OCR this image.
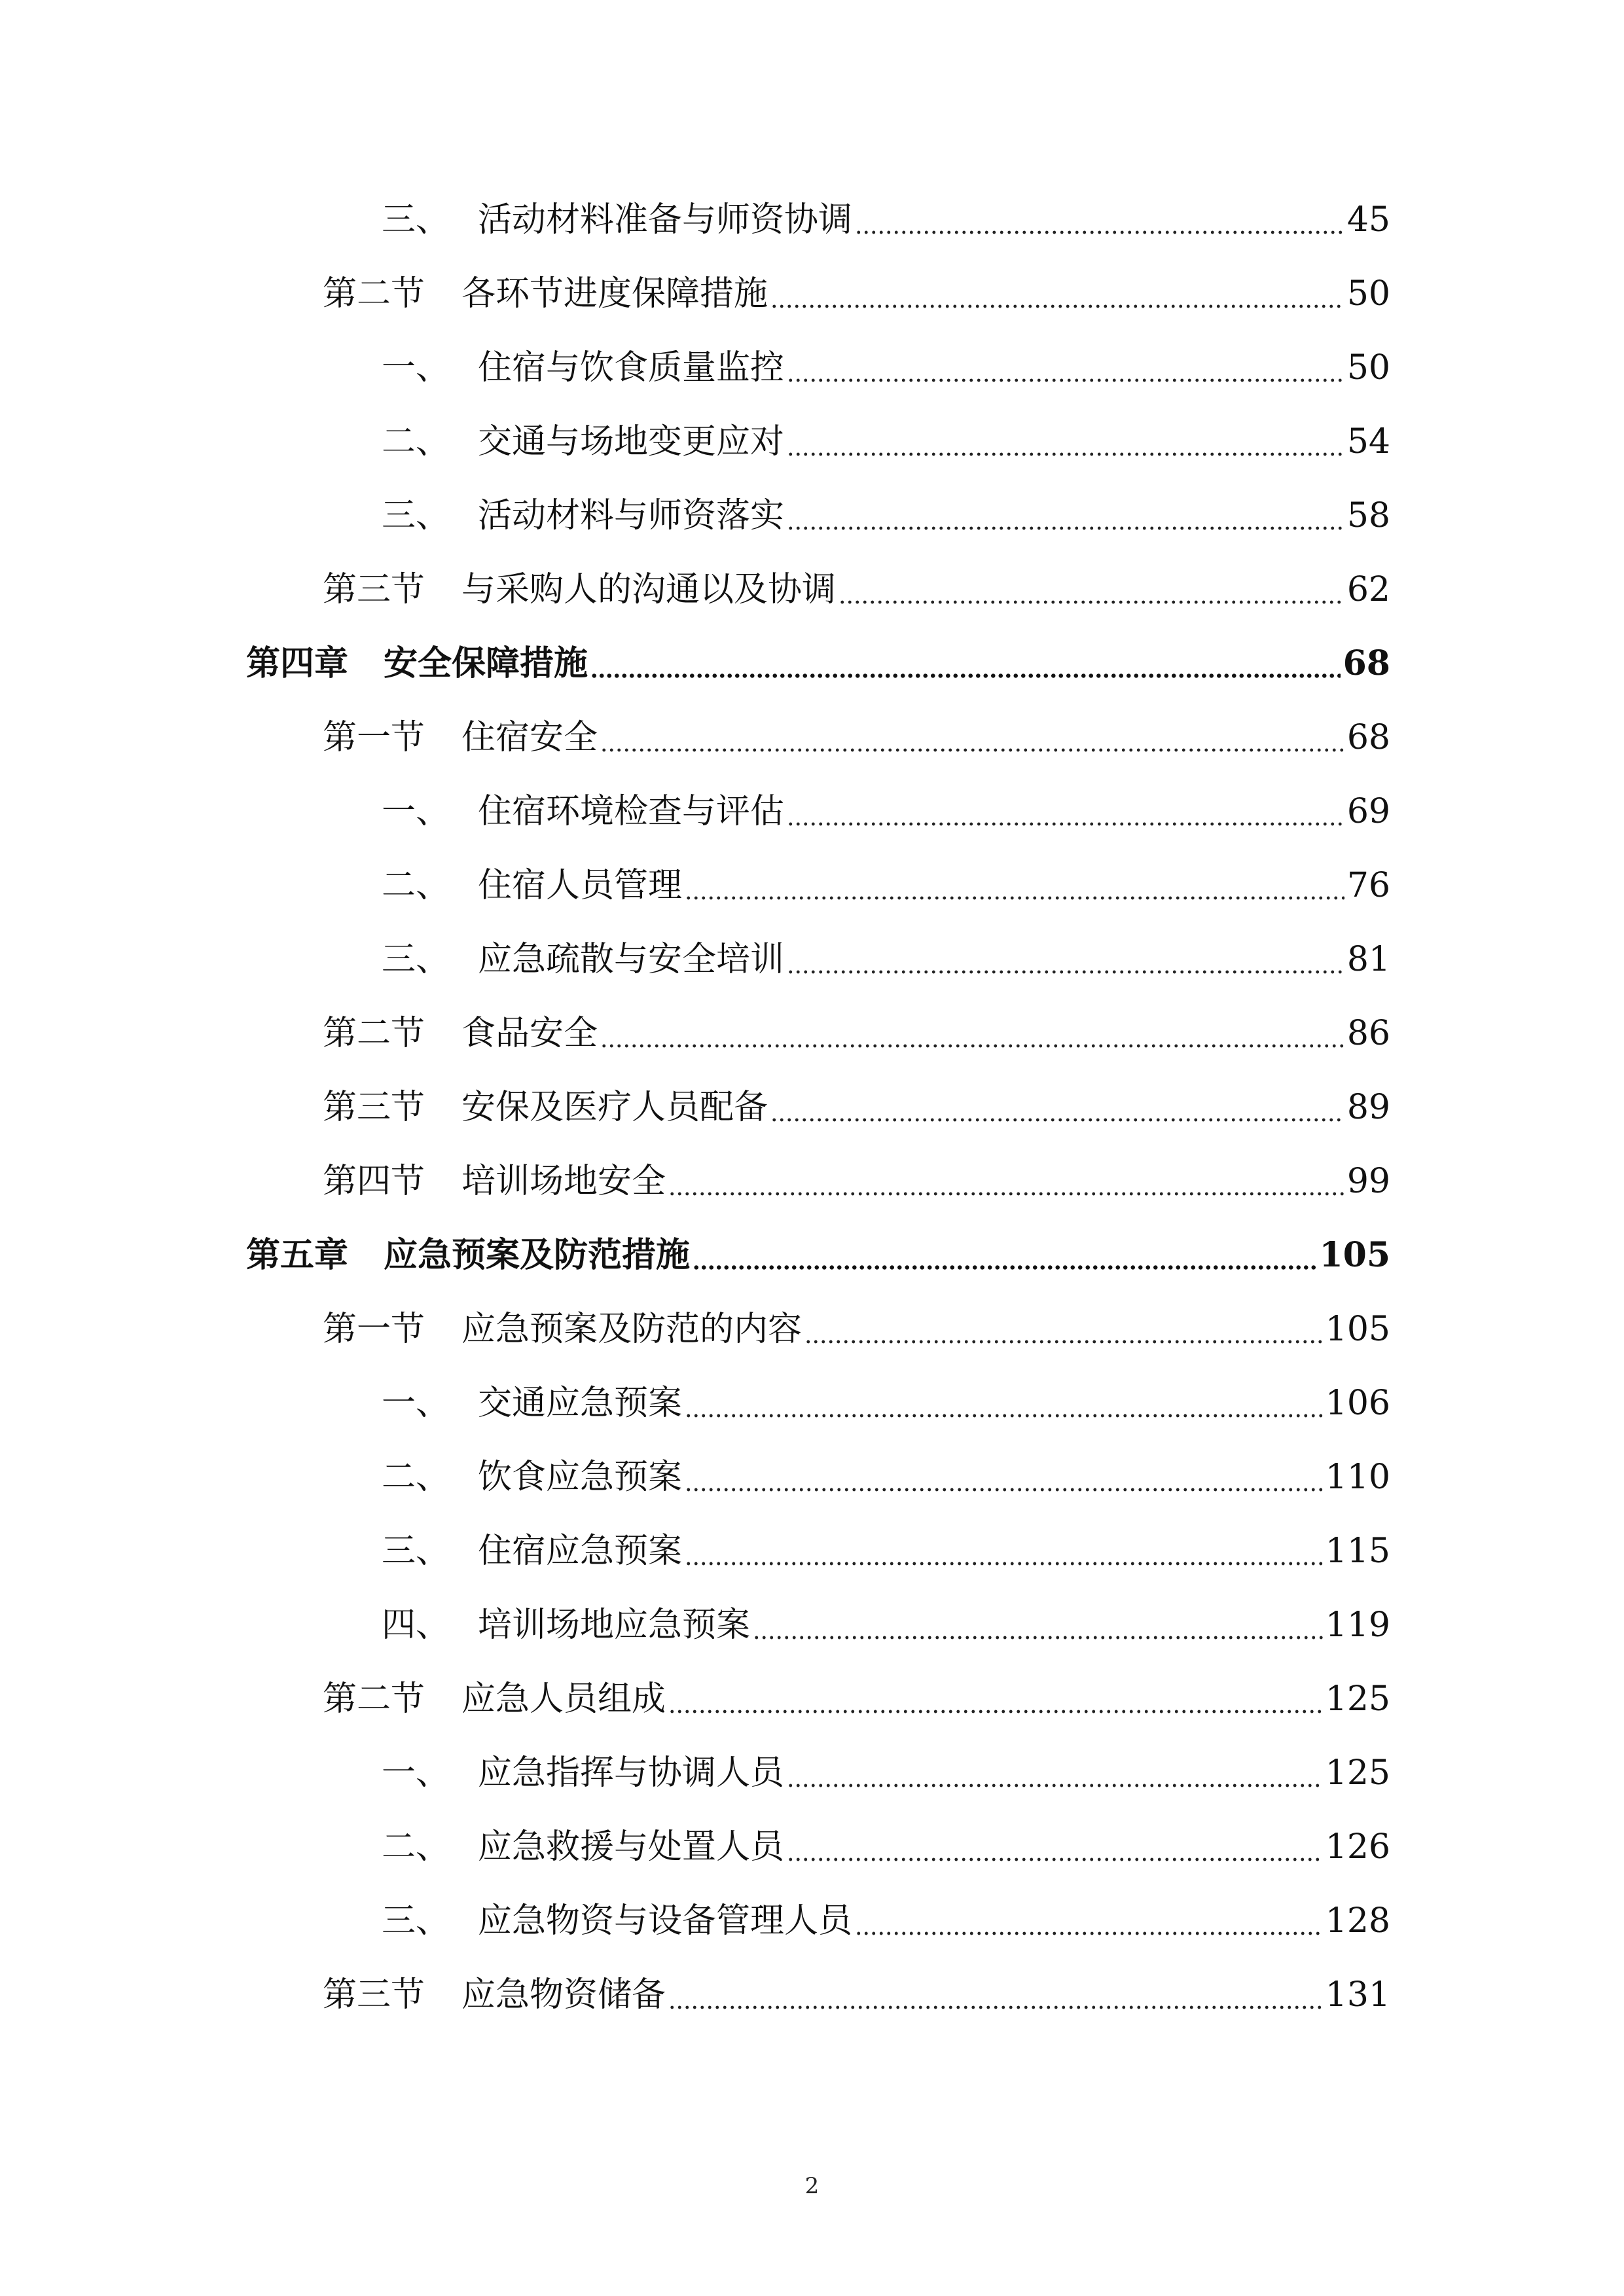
三、 活动材料准备与师资协调	45
第二节 各环节进度保障措施	50
一、 住宿与饮食质量监控	50
二、 交通与场地变更应对	54
三、 活动材料与师资落实	58
第三节 与采购人的沟通以及协调	62
第四章 安全保障措施	68
第一节 住宿安全	68
一、 住宿环境检查与评估	69
二、 住宿人员管理	76
三、 应急疏散与安全培训	81
第二节 食品安全	86
第三节 安保及医疗人员配备	89
第四节 培训场地安全	99
第五章 应急预案及防范措施	105
第一节 应急预案及防范的内容	105
一、 交通应急预案	106
二、 饮食应急预案	110
三、 住宿应急预案	115
四、 培训场地应急预案	119
第二节 应急人员组成	125
一、 应急指挥与协调人员	125
二、 应急救援与处置人员	126
三、 应急物资与设备管理人员	128
第三节 应急物资储备	131
2
